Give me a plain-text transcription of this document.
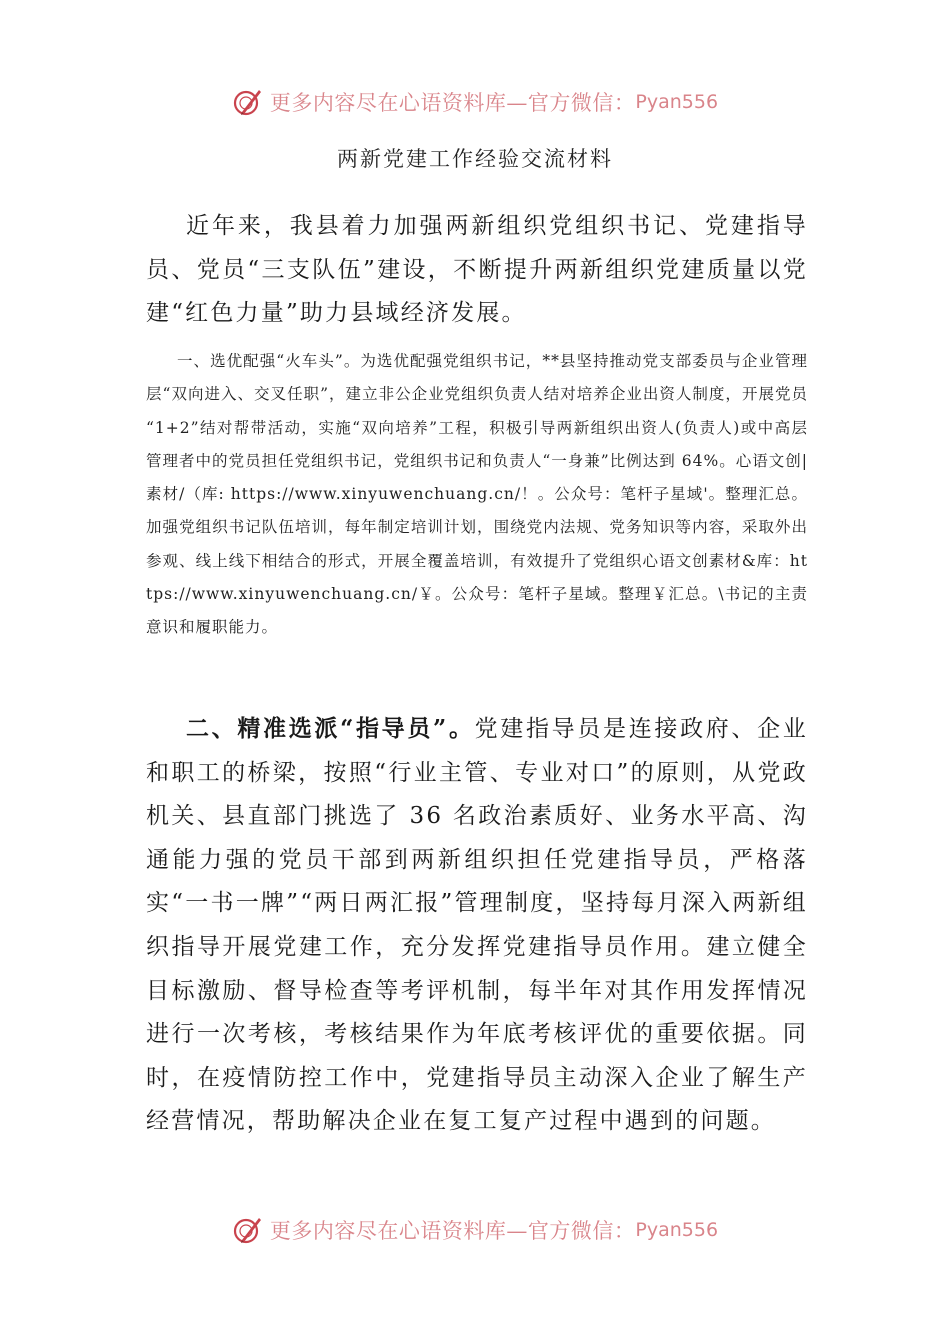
更多内容尽在心语资料库—官方微信： Pyan556
两新党建工作经验交流材料
近年来，我县着力加强两新组织党组织书记、党建指导员、党员“三支队伍”建设，不断提升两新组织党建质量以党建“红色力量”助力县域经济发展。
一、选优配强“火车头”。为选优配强党组织书记，**县坚持推动党支部委员与企业管理层“双向进入、交叉任职”，建立非公企业党组织负责人结对培养企业出资人制度，开展党员 “1+2”结对帮带活动，实施“双向培养”工程，积极引导两新组织出资人(负责人)或中高层管理者中的党员担任党组织书记，党组织书记和负责人“一身兼”比例达到 64%。心语文创|素材/（库: https://www.xinyuwenchuang.cn/！。公众号：笔杆子星域'。整理汇总。加强党组织书记队伍培训，每年制定培训计划，围绕党内法规、党务知识等内容，采取外出参观、线上线下相结合的形式，开展全覆盖培训，有效提升了党组织心语文创素材&库：https://www.xinyuwenchuang.cn/￥。公众号：笔杆子星域。整理￥汇总。\书记的主责意识和履职能力。
二、精准选派“指导员”。党建指导员是连接政府、企业和职工的桥梁，按照“行业主管、专业对口”的原则，从党政机关、县直部门挑选了 36 名政治素质好、业务水平高、沟通能力强的党员干部到两新组织担任党建指导员，严格落实“一书一牌”“两日两汇报”管理制度，坚持每月深入两新组织指导开展党建工作，充分发挥党建指导员作用。建立健全目标激励、督导检查等考评机制，每半年对其作用发挥情况进行一次考核，考核结果作为年底考核评优的重要依据。同时，在疫情防控工作中，党建指导员主动深入企业了解生产经营情况，帮助解决企业在复工复产过程中遇到的问题。
更多内容尽在心语资料库—官方微信： Pyan556
